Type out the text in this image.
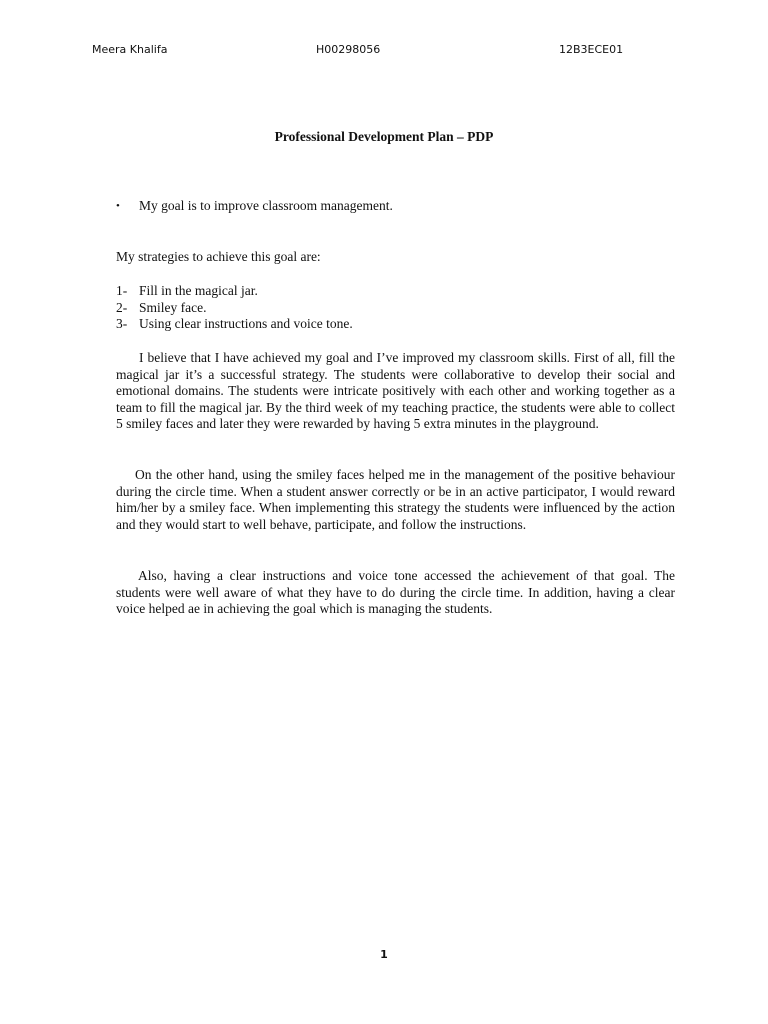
Meera Khalifa	H00298056	12B3ECE01
Professional Development Plan – PDP
• My goal is to improve classroom management.
My strategies to achieve this goal are:
1- Fill in the magical jar.
2- Smiley face.
3- Using clear instructions and voice tone.

I believe that I have achieved my goal and I’ve improved my classroom skills. First of all, fill the magical jar it’s a successful strategy. The students were collaborative to develop their social and emotional domains. The students were intricate positively with each other and working together as a team to fill the magical jar. By the third week of my teaching practice, the students were able to collect 5 smiley faces and later they were rewarded by having 5 extra minutes in the playground.

On the other hand, using the smiley faces helped me in the management of the positive behaviour during the circle time. When a student answer correctly or be in an active participator, I would reward him/her by a smiley face. When implementing this strategy the students were influenced by the action and they would start to well behave, participate, and follow the instructions.

Also, having a clear instructions and voice tone accessed the achievement of that goal. The students were well aware of what they have to do during the circle time. In addition, having a clear voice helped ae in achieving the goal which is managing the students.

1
